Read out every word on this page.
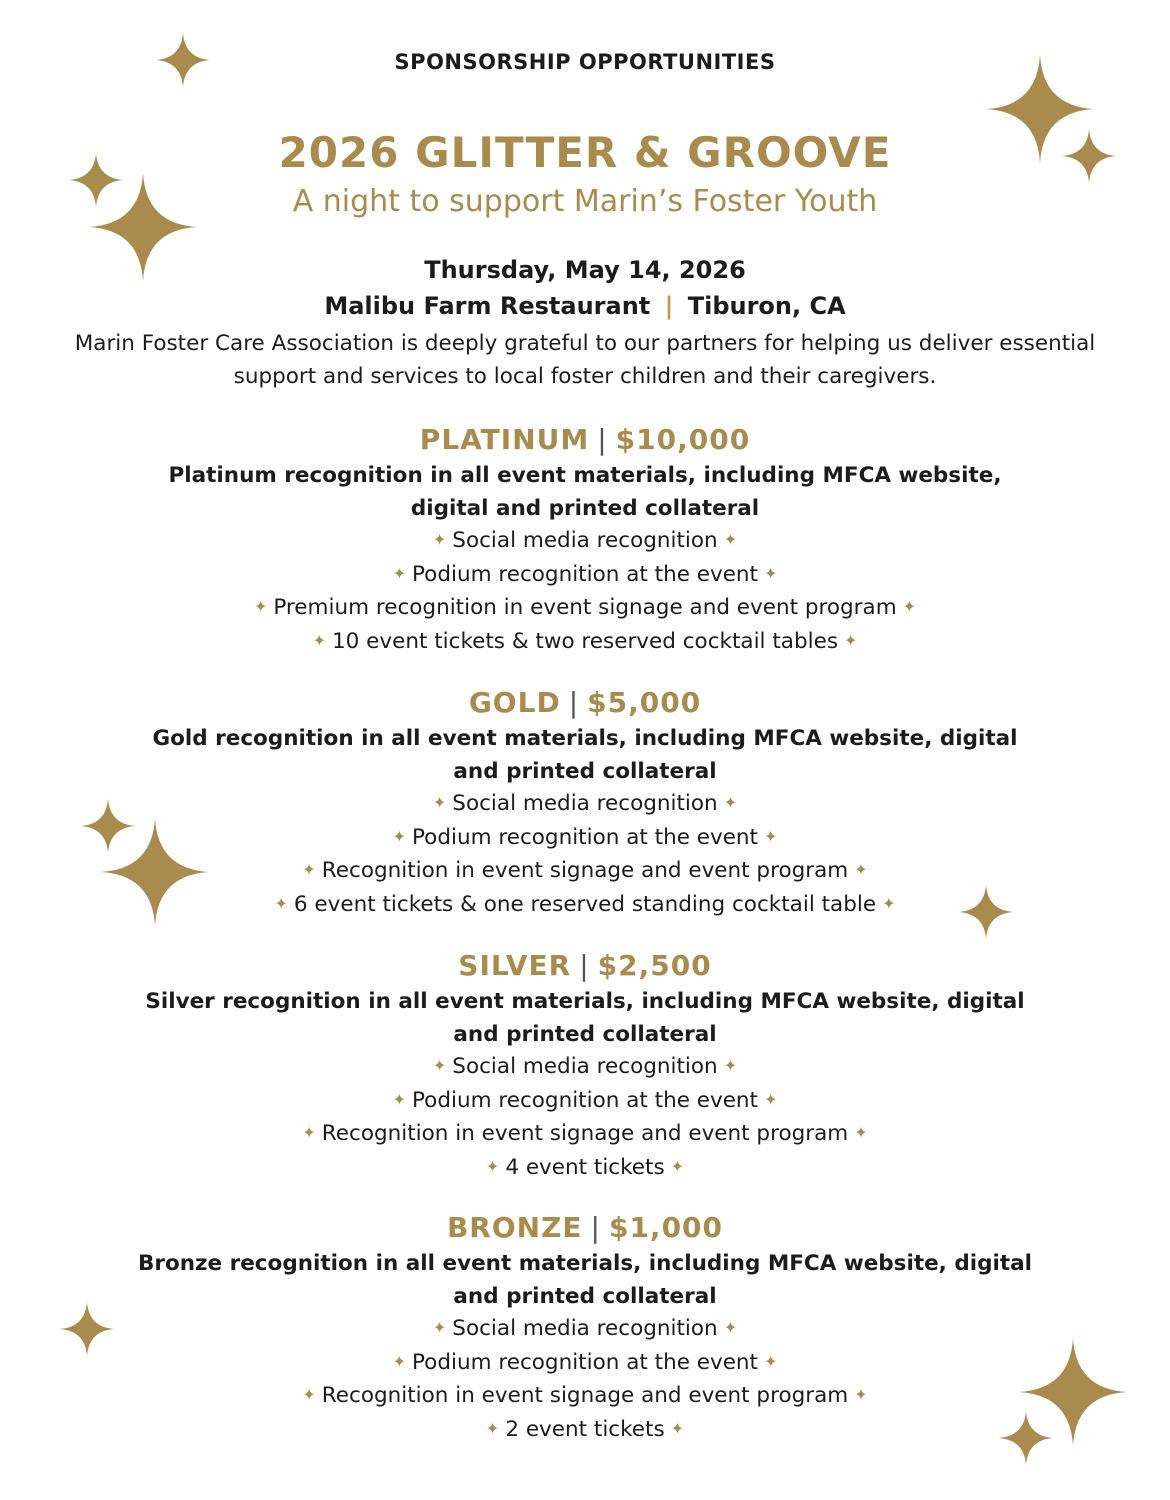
SPONSORSHIP OPPORTUNITIES
2026 GLITTER & GROOVE
A night to support Marin’s Foster Youth
Thursday, May 14, 2026
Malibu Farm Restaurant | Tiburon, CA
Marin Foster Care Association is deeply grateful to our partners for helping us deliver essential support and services to local foster children and their caregivers.
PLATINUM | $10,000
Platinum recognition in all event materials, including MFCA website, digital and printed collateral
✦ Social media recognition ✦
✦ Podium recognition at the event ✦
✦ Premium recognition in event signage and event program ✦
✦ 10 event tickets & two reserved cocktail tables ✦
GOLD | $5,000
Gold recognition in all event materials, including MFCA website, digital and printed collateral
✦ Social media recognition ✦
✦ Podium recognition at the event ✦
✦ Recognition in event signage and event program ✦
✦ 6 event tickets & one reserved standing cocktail table ✦
SILVER | $2,500
Silver recognition in all event materials, including MFCA website, digital and printed collateral
✦ Social media recognition ✦
✦ Podium recognition at the event ✦
✦ Recognition in event signage and event program ✦
✦ 4 event tickets ✦
BRONZE | $1,000
Bronze recognition in all event materials, including MFCA website, digital and printed collateral
✦ Social media recognition ✦
✦ Podium recognition at the event ✦
✦ Recognition in event signage and event program ✦
✦ 2 event tickets ✦
